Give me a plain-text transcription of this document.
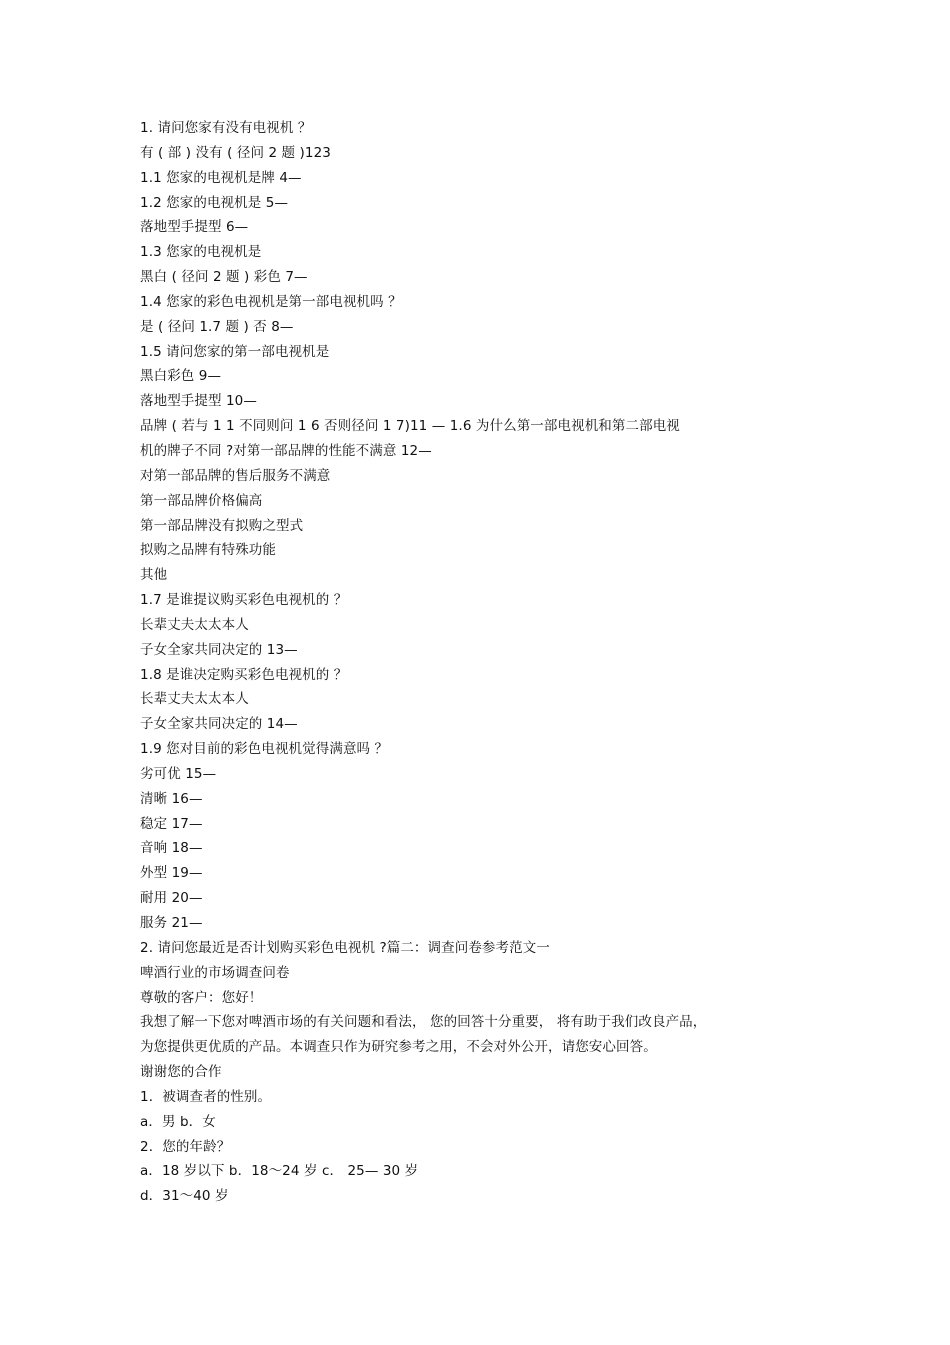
1. 请问您家有没有电视机 ？
有 ( 部 ) 没有 ( 径问 2 题 )123
1.1 您家的电视机是牌 4—
1.2 您家的电视机是 5—
落地型手提型 6—
1.3 您家的电视机是
黑白 ( 径问 2 题 ) 彩色 7—
1.4 您家的彩色电视机是第一部电视机吗 ？
是 ( 径问 1.7 题 ) 否 8—
1.5 请问您家的第一部电视机是
黑白彩色 9—
落地型手提型 10—
品牌 ( 若与 1 1 不同则问 1 6 否则径问 1 7)11 — 1.6 为什么第一部电视机和第二部电视
机的牌子不同 ?对第一部品牌的性能不满意 12—
对第一部品牌的售后服务不满意
第一部品牌价格偏高
第一部品牌没有拟购之型式
拟购之品牌有特殊功能
其他
1.7 是谁提议购买彩色电视机的 ？
长辈丈夫太太本人
子女全家共同决定的 13—
1.8 是谁决定购买彩色电视机的 ？
长辈丈夫太太本人
子女全家共同决定的 14—
1.9 您对目前的彩色电视机觉得满意吗 ？
劣可优 15—
清晰 16—
稳定 17—
音响 18—
外型 19—
耐用 20—
服务 21—
2. 请问您最近是否计划购买彩色电视机 ?篇二：调查问卷参考范文一
啤酒行业的市场调查问卷
尊敬的客户：您好！
我想了解一下您对啤酒市场的有关问题和看法， 您的回答十分重要， 将有助于我们改良产品，
为您提供更优质的产品。本调查只作为研究参考之用，不会对外公开，请您安心回答。
谢谢您的合作
1．被调查者的性别。
a．男 b．女
2．您的年龄？
a．18 岁以下 b．18～24 岁 c． 25— 30 岁
d．31～40 岁
